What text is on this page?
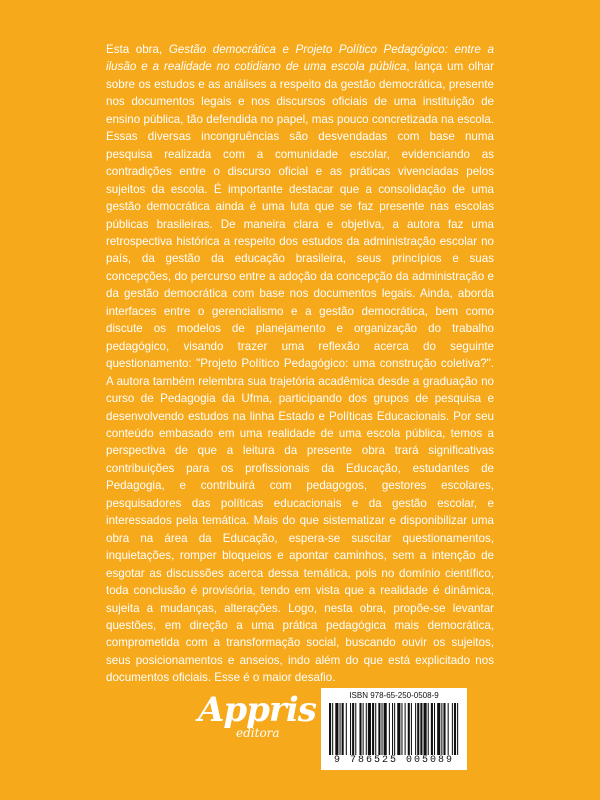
Esta obra, Gestão democrática e Projeto Político Pedagógico: entre a ilusão e a realidade no cotidiano de uma escola pública, lança um olhar sobre os estudos e as análises a respeito da gestão democrática, presente nos documentos legais e nos discursos oficiais de uma instituição de ensino pública, tão defendida no papel, mas pouco concretizada na escola. Essas diversas incongruências são desvendadas com base numa pesquisa realizada com a comunidade escolar, evidenciando as contradições entre o discurso oficial e as práticas vivenciadas pelos sujeitos da escola. É importante destacar que a consolidação de uma gestão democrática ainda é uma luta que se faz presente nas escolas públicas brasileiras. De maneira clara e objetiva, a autora faz uma retrospectiva histórica a respeito dos estudos da administração escolar no país, da gestão da educação brasileira, seus princípios e suas concepções, do percurso entre a adoção da concepção da administração e da gestão democrática com base nos documentos legais. Ainda, aborda interfaces entre o gerencialismo e a gestão democrática, bem como discute os modelos de planejamento e organização do trabalho pedagógico, visando trazer uma reflexão acerca do seguinte questionamento: "Projeto Político Pedagógico: uma construção coletiva?". A autora também relembra sua trajetória acadêmica desde a graduação no curso de Pedagogia da Ufma, participando dos grupos de pesquisa e desenvolvendo estudos na linha Estado e Políticas Educacionais. Por seu conteúdo embasado em uma realidade de uma escola pública, temos a perspectiva de que a leitura da presente obra trará significativas contribuições para os profissionais da Educação, estudantes de Pedagogia, e contribuirá com pedagogos, gestores escolares, pesquisadores das políticas educacionais e da gestão escolar, e interessados pela temática. Mais do que sistematizar e disponibilizar uma obra na área da Educação, espera-se suscitar questionamentos, inquietações, romper bloqueios e apontar caminhos, sem a intenção de esgotar as discussões acerca dessa temática, pois no domínio científico, toda conclusão é provisória, tendo em vista que a realidade é dinâmica, sujeita a mudanças, alterações. Logo, nesta obra, propõe-se levantar questões, em direção a uma prática pedagógica mais democrática, comprometida com a transformação social, buscando ouvir os sujeitos, seus posicionamentos e anseios, indo além do que está explicitado nos documentos oficiais. Esse é o maior desafio.

Appris
editora
ISBN 978-65-250-0508-9
9 786525 005089
